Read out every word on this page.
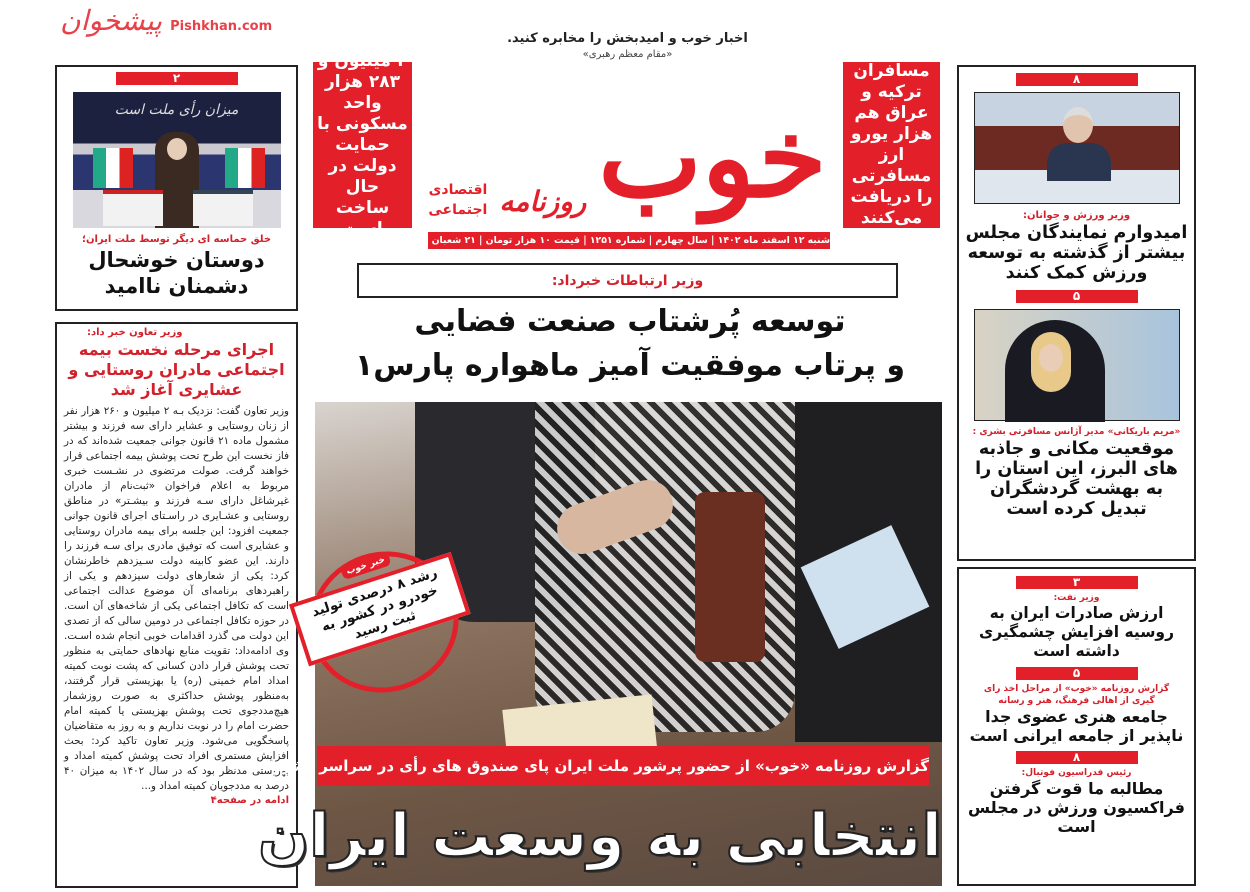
پیشخوان Pishkhan.com
۲
میزان رأی ملت است
خلق حماسه ای دیگر توسط ملت ایران؛
دوستان خوشحال
دشمنان ناامید
وزیر تعاون خبر داد:
اجرای مرحله نخست بیمه اجتماعی مادران روستایی و عشایری آغاز شد
وزیر تعاون گفت: نزدیک بـه ۲ میلیون و ۲۶۰ هزار نفر از زنان روستایی و عشایر دارای سه فرزند و بیشتر مشمول ماده ۲۱ قانون جوانی جمعیت شده‌اند که در فاز نخست این طرح تحت پوشش بیمه اجتماعی قرار خواهند گرفت. صولت مرتضوی در نشـست خبری مربوط به اعلام فراخوان «ثبت‌نام از مادران غیرشاغل دارای سـه فرزند و بیشـتر» در مناطق روستایی و عشـایری در راسـتای اجرای قانون جوانی جمعیت افزود: این جلسه برای بیمه مادران روستایی و عشایری است که توفیق مادری برای سـه فرزند را دارند. این عضو کابینه دولت سـیزدهم خاطرنشان کرد: یکی از شعارهای دولت سیزدهم و یکی از راهبردهای برنامه‌ای آن موضوع عدالت اجتماعی است که تکافل اجتماعی یکی از شاخه‌های آن است. در حوزه تکافل اجتماعی در دومین سالی که از تصدی این دولت می گذرد اقدامات خوبی انجام شده اسـت. وی ادامه‌داد: تقویت منابع نهادهای حمایتی به منظور تحت پوشش قرار دادن کسانی که پشت نوبت کمیته امداد امام خمینی (ره) یا بهزیستی قرار گرفتند، به‌منظور پوشش حداکثری به صورت روزشمار هیچ‌مددجوی تحت پوشش بهزیستی یا کمیته امام حضرت امام را در نوبت نداریم و به روز به متقاضیان پاسخگویی می‌شود. وزیر تعاون تاکید کرد: بحث افزایش مستمری افراد تحت پوشش کمیته امداد و بهزیستی مدنظر بود که در سال ۱۴۰۲ به میزان ۴۰ درصد به مددجویان کمیته امداد و...
ادامه در صفحه۴
۲ میلیون و ۲۸۳ هزار واحد مسکونی با حمایت دولت در حال ساخت است
مسافران ترکیه و عراق هم هزار یورو ارز مسافرتی را دریافت می‌کنند
اخبار خوب و امیدبخش را مخابره کنید.
«مقام معظم رهبری»
خوب
روزنامه
اقتصادی
اجتماعی
شنبه ۱۲ اسفند ماه ۱۴۰۲ | سال چهارم | شماره ۱۲۵۱ | قیمت ۱۰ هزار تومان | ۲۱ شعبان ۱۴۴۵ | ۲ مارچ ۲۰۲۴
وزیر ارتباطات خبرداد:
توسعه پُرشتاب صنعت فضایی
و پرتاب موفقیت آمیز ماهواره پارس۱
خبر خوب
رشد ۸ درصدی تولید خودرو در کشور به ثبت رسید
گزارش روزنامه «خوب» از حضور پرشور ملت ایران پای صندوق های رأی در سراسر کشور؛
انتخابی به وسعت ایران
۸
وزیر ورزش و جوانان:
امیدوارم نمایندگان مجلس بیشتر از گذشته به توسعه ورزش کمک کنند
۵
«مریم باریکانی» مدیر آژانس مسافرتی بشری :
موقعیت مکانی و جاذبه های البرز، این استان را به بهشت گردشگران تبدیل کرده است
۳
وزیر نفت:
ارزش صادرات ایران به روسیه افزایش چشمگیری داشته است
۵
گزارش روزنامه «خوب» از مراحل اخذ رای گیری از اهالی فرهنگ، هنر و رسانه
جامعه هنری عضوی جدا ناپذیر از جامعه ایرانی است
۸
رئیس فدراسیون فوتبال:
مطالبه ما قوت گرفتن فراکسیون ورزش در مجلس است
